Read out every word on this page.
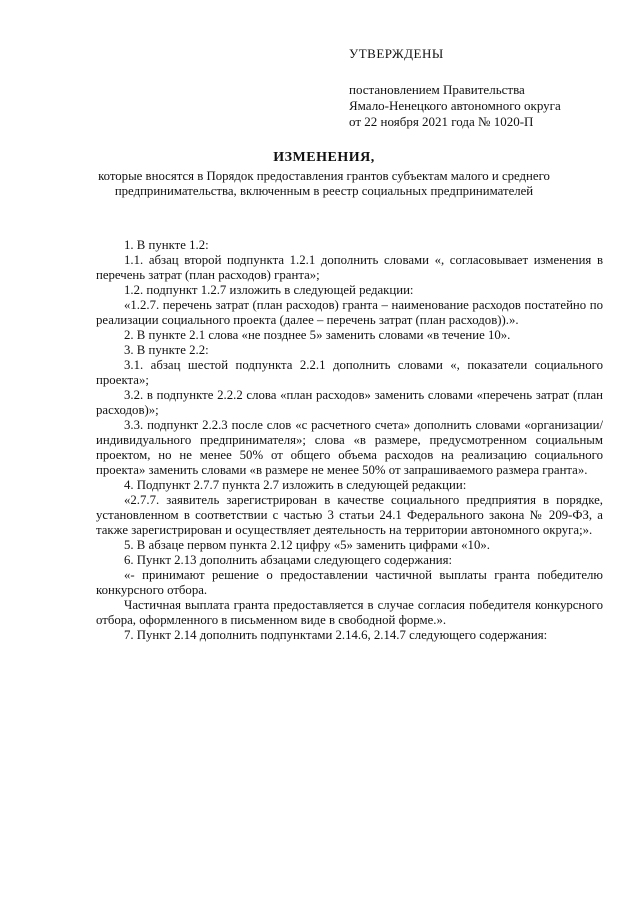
УТВЕРЖДЕНЫ
постановлением Правительства
Ямало-Ненецкого автономного округа
от 22 ноября 2021 года № 1020-П
ИЗМЕНЕНИЯ,
которые вносятся в Порядок предоставления грантов субъектам малого и среднего предпринимательства, включенным в реестр социальных предпринимателей

1. В пункте 1.2:

1.1. абзац второй подпункта 1.2.1 дополнить словами «, согласовывает изменения в перечень затрат (план расходов) гранта»;

1.2. подпункт 1.2.7 изложить в следующей редакции:

«1.2.7. перечень затрат (план расходов) гранта – наименование расходов постатейно по реализации социального проекта (далее – перечень затрат (план расходов)).».

2. В пункте 2.1 слова «не позднее 5» заменить словами «в течение 10».

3. В пункте 2.2:

3.1. абзац шестой подпункта 2.2.1 дополнить словами «, показатели социального проекта»;

3.2. в подпункте 2.2.2 слова «план расходов» заменить словами «перечень затрат (план расходов)»;

3.3. подпункт 2.2.3 после слов «с расчетного счета» дополнить словами «организации/индивидуального предпринимателя»; слова «в размере, предусмотренном социальным проектом, но не менее 50% от общего объема расходов на реализацию социального проекта» заменить словами «в размере не менее 50% от запрашиваемого размера гранта».

4. Подпункт 2.7.7 пункта 2.7 изложить в следующей редакции:

«2.7.7. заявитель зарегистрирован в качестве социального предприятия в порядке, установленном в соответствии с частью 3 статьи 24.1 Федерального закона № 209-ФЗ, а также зарегистрирован и осуществляет деятельность на территории автономного округа;».

5. В абзаце первом пункта 2.12 цифру «5» заменить цифрами «10».

6. Пункт 2.13 дополнить абзацами следующего содержания:

«- принимают решение о предоставлении частичной выплаты гранта победителю конкурсного отбора.

Частичная выплата гранта предоставляется в случае согласия победителя конкурсного отбора, оформленного в письменном виде в свободной форме.».

7. Пункт 2.14 дополнить подпунктами 2.14.6, 2.14.7 следующего содержания:
